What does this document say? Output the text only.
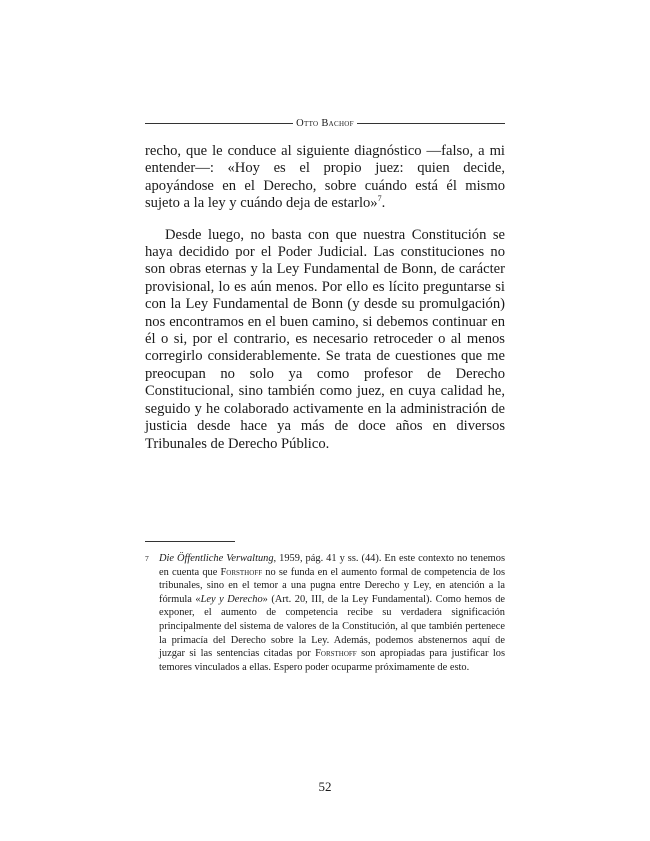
Otto Bachof

recho, que le conduce al siguiente diagnóstico —falso, a mi entender—: «Hoy es el propio juez: quien decide, apoyándose en el Derecho, sobre cuándo está él mismo sujeto a la ley y cuándo deja de estarlo»$^7$.

Desde luego, no basta con que nuestra Constitución se haya decidido por el Poder Judicial. Las constituciones no son obras eternas y la Ley Fundamental de Bonn, de carácter provisional, lo es aún menos. Por ello es lícito preguntarse si con la Ley Fundamental de Bonn (y desde su promulgación) nos encontramos en el buen camino, si debemos continuar en él o si, por el contrario, es necesario retroceder o al menos corregirlo considerablemente. Se trata de cuestiones que me preocupan no solo ya como profesor de Derecho Constitucional, sino también como juez, en cuya calidad he, seguido y he colaborado activamente en la administración de justicia desde hace ya más de doce años en diversos Tribunales de Derecho Público.

7 Die Öffentliche Verwaltung, 1959, pág. 41 y ss. (44). En este contexto no tenemos en cuenta que Forsthoff no se funda en el aumento formal de competencia de los tribunales, sino en el temor a una pugna entre Derecho y Ley, en atención a la fórmula «Ley y Derecho» (Art. 20, III, de la Ley Fundamental). Como hemos de exponer, el aumento de competencia recibe su verdadera significación principalmente del sistema de valores de la Constitución, al que también pertenece la primacía del Derecho sobre la Ley. Además, podemos abstenernos aquí de juzgar si las sentencias citadas por Forsthoff son apropiadas para justificar los temores vinculados a ellas. Espero poder ocuparme próximamente de esto.

52
